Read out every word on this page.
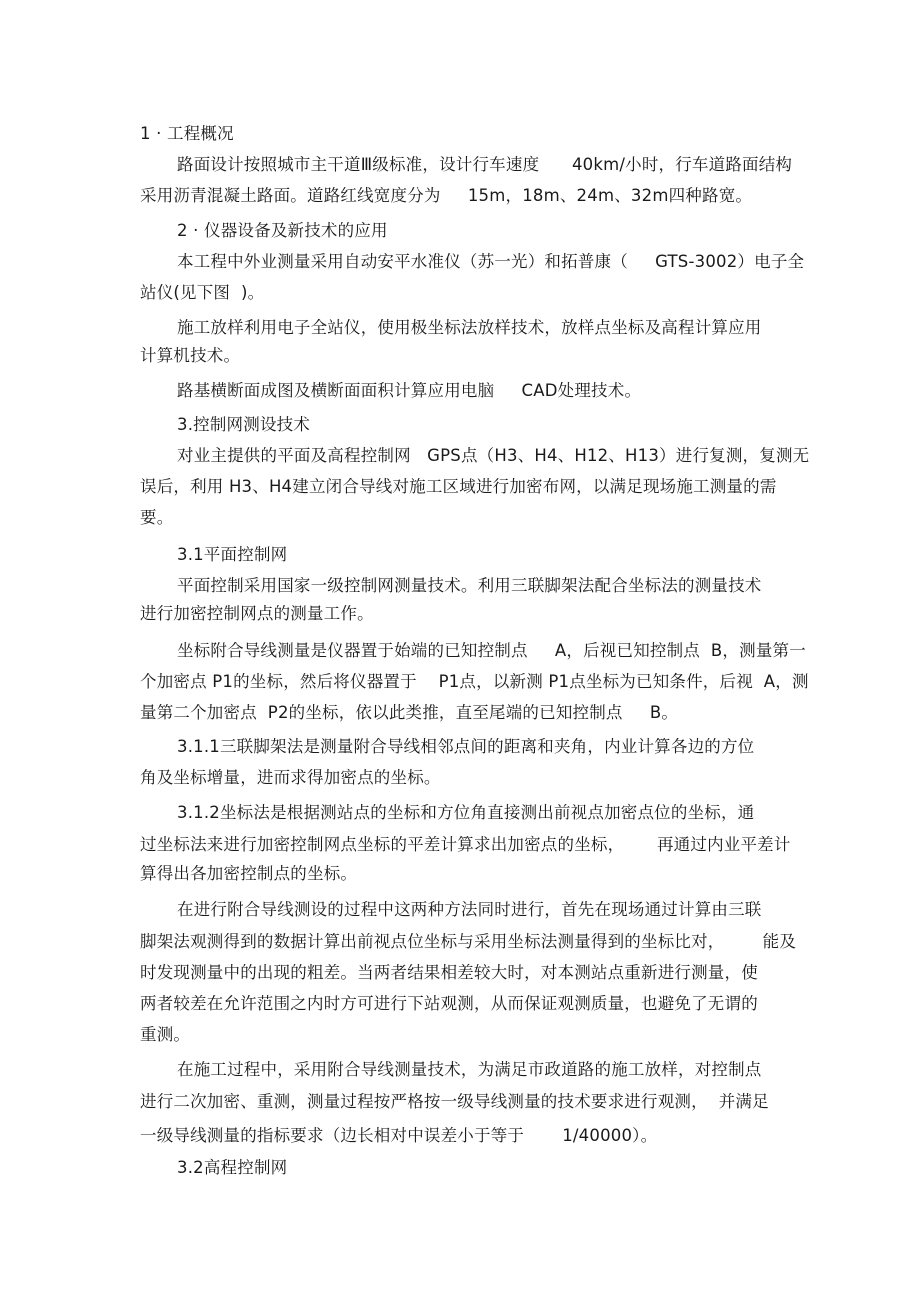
1 · 工程概况
路面设计按照城市主干道Ⅲ级标准，设计行车速度      40km/小时，行车道路面结构
采用沥青混凝土路面。道路红线宽度分为     15m，18m、24m、32m四种路宽。
2 · 仪器设备及新技术的应用
本工程中外业测量采用自动安平水准仪（苏一光）和拓普康（     GTS-3002）电子全
站仪(见下图  )。
施工放样利用电子全站仪，使用极坐标法放样技术，放样点坐标及高程计算应用
计算机技术。
路基横断面成图及横断面面积计算应用电脑     CAD处理技术。
3.控制网测设技术
对业主提供的平面及高程控制网   GPS点（H3、H4、H12、H13）进行复测，复测无
误后，利用 H3、H4建立闭合导线对施工区域进行加密布网，以满足现场施工测量的需
要。
3.1平面控制网
平面控制采用国家一级控制网测量技术。利用三联脚架法配合坐标法的测量技术
进行加密控制网点的测量工作。
坐标附合导线测量是仪器置于始端的已知控制点     A，后视已知控制点  B，测量第一
个加密点 P1的坐标，然后将仪器置于    P1点，以新测 P1点坐标为已知条件，后视  A，测
量第二个加密点  P2的坐标，依以此类推，直至尾端的已知控制点     B。
3.1.1三联脚架法是测量附合导线相邻点间的距离和夹角，内业计算各边的方位
角及坐标增量，进而求得加密点的坐标。
3.1.2坐标法是根据测站点的坐标和方位角直接测出前视点加密点位的坐标，通
过坐标法来进行加密控制网点坐标的平差计算求出加密点的坐标，      再通过内业平差计
算得出各加密控制点的坐标。
在进行附合导线测设的过程中这两种方法同时进行，首先在现场通过计算由三联
脚架法观测得到的数据计算出前视点位坐标与采用坐标法测量得到的坐标比对，       能及
时发现测量中的出现的粗差。当两者结果相差较大时，对本测站点重新进行测量，使
两者较差在允许范围之内时方可进行下站观测，从而保证观测质量，也避免了无谓的
重测。
在施工过程中，采用附合导线测量技术，为满足市政道路的施工放样，对控制点
进行二次加密、重测，测量过程按严格按一级导线测量的技术要求进行观测，  并满足
一级导线测量的指标要求（边长相对中误差小于等于       1/40000）。
3.2高程控制网
